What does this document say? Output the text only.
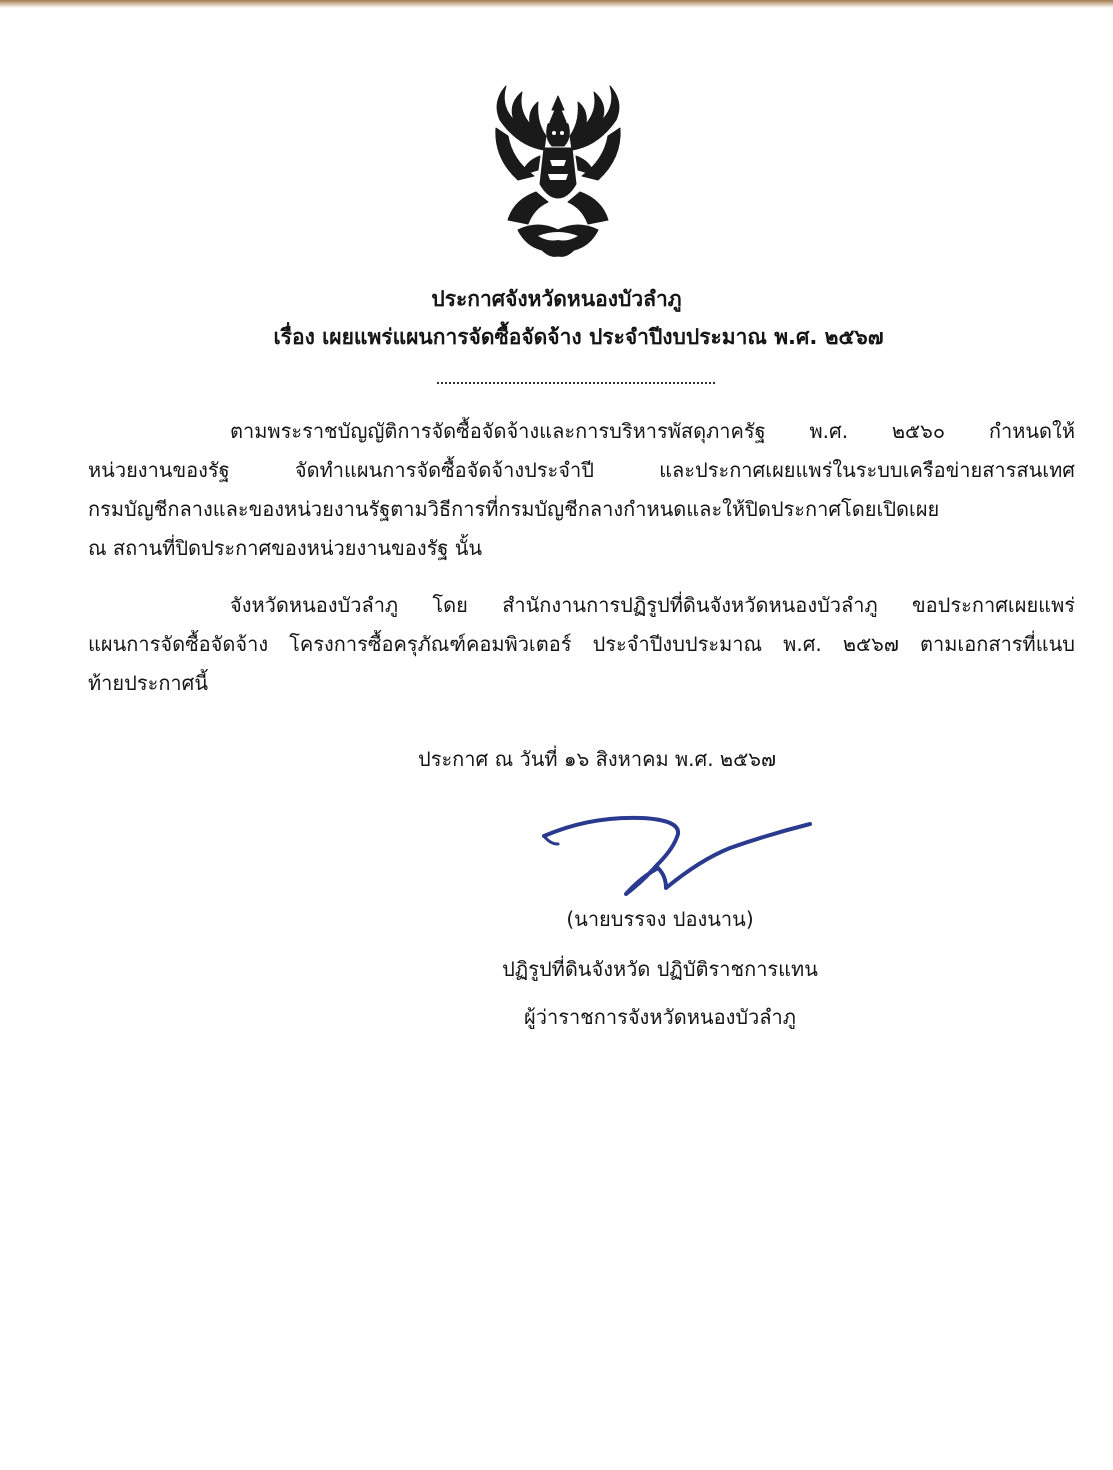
ประกาศจังหวัดหนองบัวลำภู
เรื่อง เผยแพร่แผนการจัดซื้อจัดจ้าง ประจำปีงบประมาณ พ.ศ. ๒๕๖๗
ตามพระราชบัญญัติการจัดซื้อจัดจ้างและการบริหารพัสดุภาครัฐ พ.ศ. ๒๕๖๐ กำหนดให้
หน่วยงานของรัฐ จัดทำแผนการจัดซื้อจัดจ้างประจำปี และประกาศเผยแพร่ในระบบเครือข่ายสารสนเทศ
กรมบัญชีกลางและของหน่วยงานรัฐตามวิธีการที่กรมบัญชีกลางกำหนดและให้ปิดประกาศโดยเปิดเผย
ณ สถานที่ปิดประกาศของหน่วยงานของรัฐ นั้น
จังหวัดหนองบัวลำภู โดย สำนักงานการปฏิรูปที่ดินจังหวัดหนองบัวลำภู ขอประกาศเผยแพร่
แผนการจัดซื้อจัดจ้าง โครงการซื้อครุภัณฑ์คอมพิวเตอร์ ประจำปีงบประมาณ พ.ศ. ๒๕๖๗ ตามเอกสารที่แนบ
ท้ายประกาศนี้
ประกาศ ณ วันที่ ๑๖ สิงหาคม พ.ศ. ๒๕๖๗
(นายบรรจง ปองนาน)
ปฏิรูปที่ดินจังหวัด ปฏิบัติราชการแทน
ผู้ว่าราชการจังหวัดหนองบัวลำภู
